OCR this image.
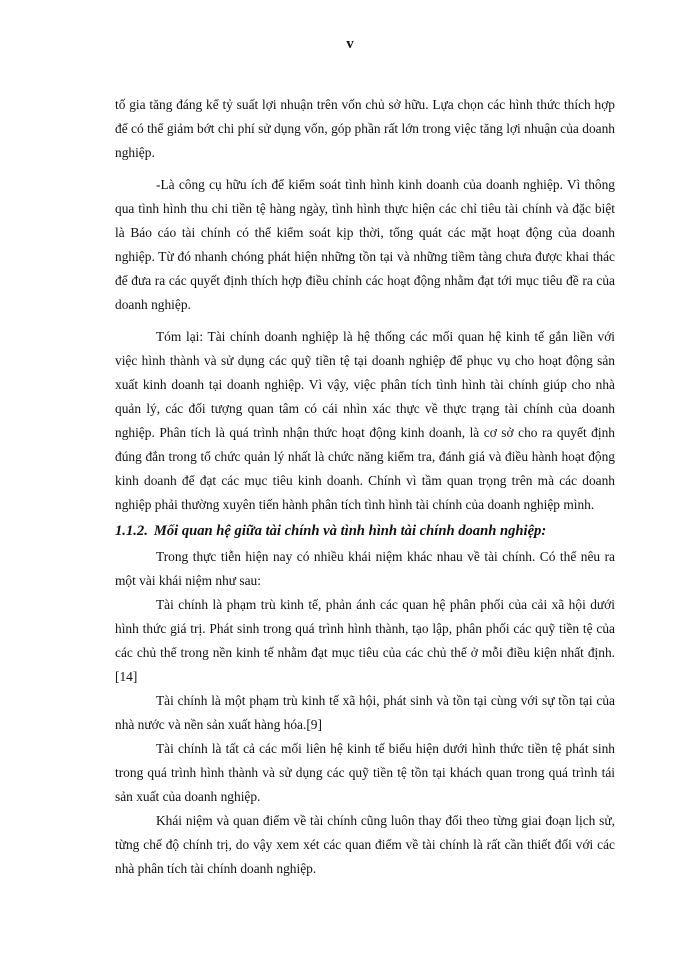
v

tố gia tăng đáng kể tỷ suất lợi nhuận trên vốn chủ sở hữu. Lựa chọn các hình thức thích hợp để có thể giảm bớt chi phí sử dụng vốn, góp phần rất lớn trong việc tăng lợi nhuận của doanh nghiệp.

-Là công cụ hữu ích để kiểm soát tình hình kinh doanh của doanh nghiệp. Vì thông qua tình hình thu chi tiền tệ hàng ngày, tình hình thực hiện các chỉ tiêu tài chính và đặc biệt là Báo cáo tài chính có thể kiểm soát kịp thời, tổng quát các mặt hoạt động của doanh nghiệp. Từ đó nhanh chóng phát hiện những tồn tại và những tiềm tàng chưa được khai thác để đưa ra các quyết định thích hợp điều chỉnh các hoạt động nhằm đạt tới mục tiêu đề ra của doanh nghiệp.

Tóm lại: Tài chính doanh nghiệp là hệ thống các mối quan hệ kinh tế gắn liền với việc hình thành và sử dụng các quỹ tiền tệ tại doanh nghiệp để phục vụ cho hoạt động sản xuất kinh doanh tại doanh nghiệp. Vì vậy, việc phân tích tình hình tài chính giúp cho nhà quản lý, các đối tượng quan tâm có cái nhìn xác thực về thực trạng tài chính của doanh nghiệp. Phân tích là quá trình nhận thức hoạt động kinh doanh, là cơ sở cho ra quyết định đúng đắn trong tổ chức quản lý nhất là chức năng kiểm tra, đánh giá và điều hành hoạt động kinh doanh để đạt các mục tiêu kinh doanh. Chính vì tầm quan trọng trên mà các doanh nghiệp phải thường xuyên tiến hành phân tích tình hình tài chính của doanh nghiệp mình.

1.1.2. Mối quan hệ giữa tài chính và tình hình tài chính doanh nghiệp:

Trong thực tiễn hiện nay có nhiều khái niệm khác nhau về tài chính. Có thể nêu ra một vài khái niệm như sau:

Tài chính là phạm trù kinh tế, phản ánh các quan hệ phân phối của cải xã hội dưới hình thức giá trị. Phát sinh trong quá trình hình thành, tạo lập, phân phối các quỹ tiền tệ của các chủ thể trong nền kinh tế nhằm đạt mục tiêu của các chủ thể ở mỗi điều kiện nhất định.[14]

Tài chính là một phạm trù kinh tế xã hội, phát sinh và tồn tại cùng với sự tồn tại của nhà nước và nền sản xuất hàng hóa.[9]

Tài chính là tất cả các mối liên hệ kinh tế biểu hiện dưới hình thức tiền tệ phát sinh trong quá trình hình thành và sử dụng các quỹ tiền tệ tồn tại khách quan trong quá trình tái sản xuất của doanh nghiệp.

Khái niệm và quan điểm về tài chính cũng luôn thay đổi theo từng giai đoạn lịch sử, từng chế độ chính trị, do vậy xem xét các quan điểm về tài chính là rất cần thiết đối với các nhà phân tích tài chính doanh nghiệp.
